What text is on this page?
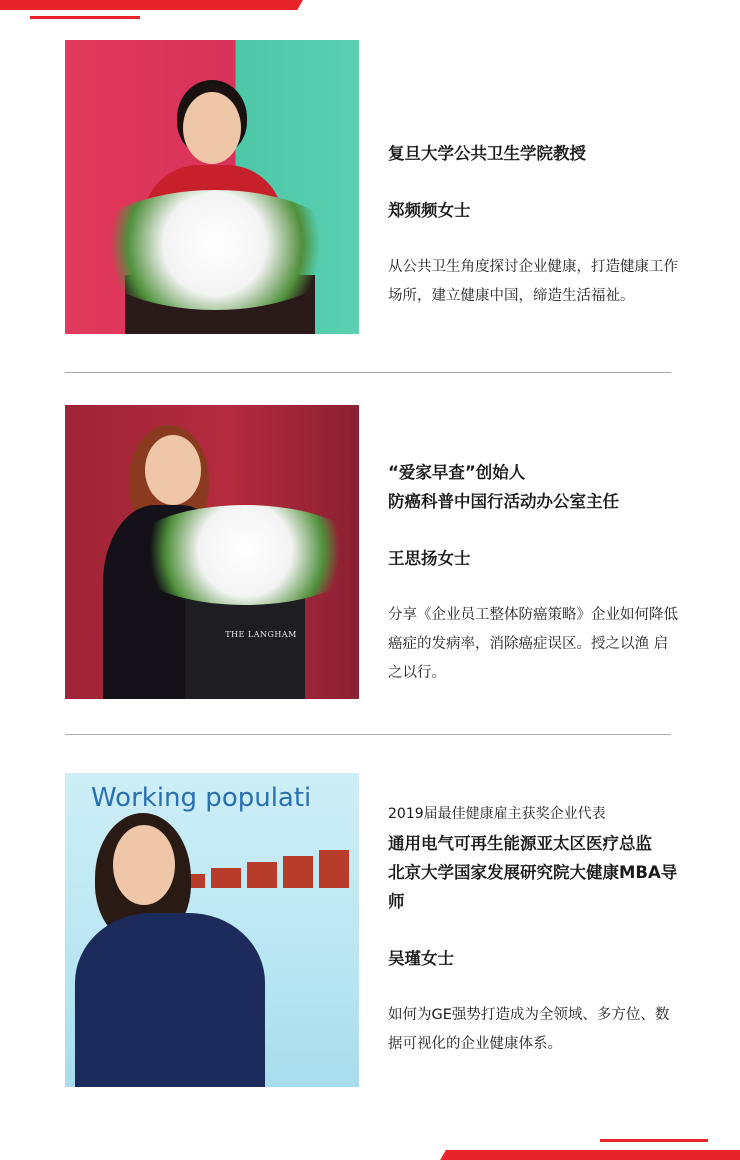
复旦大学公共卫生学院教授
郑频频女士
从公共卫生角度探讨企业健康，打造健康工作场所，建立健康中国，缔造生活福祉。
THE LANGHAM
“爱家早查”创始人
防癌科普中国行活动办公室主任
王思扬女士
分享《企业员工整体防癌策略》企业如何降低癌症的发病率，消除癌症误区。授之以渔 启之以行。
Working populati
2019届最佳健康雇主获奖企业代表
通用电气可再生能源亚太区医疗总监
北京大学国家发展研究院大健康MBA导师
吴瑾女士
如何为GE强势打造成为全领域、多方位、数据可视化的企业健康体系。
